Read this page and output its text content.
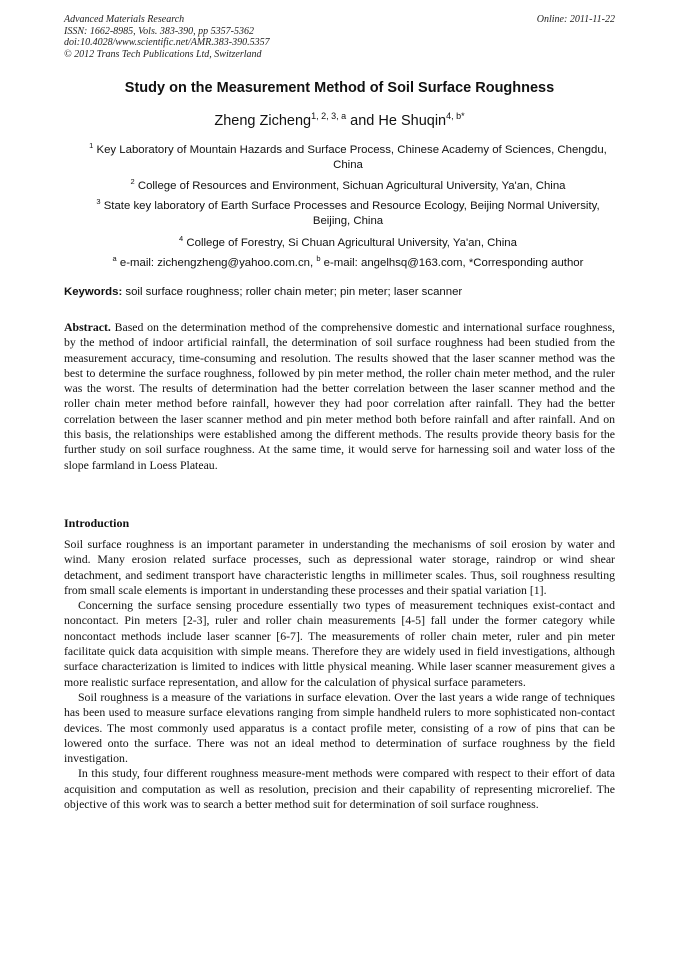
Advanced Materials Research
ISSN: 1662-8985, Vols. 383-390, pp 5357-5362
doi:10.4028/www.scientific.net/AMR.383-390.5357
© 2012 Trans Tech Publications Ltd, Switzerland
Online: 2011-11-22
Study on the Measurement Method of Soil Surface Roughness
Zheng Zicheng$^{1, 2, 3, a}$ and He Shuqin$^{4, b*}$
$^1$ Key Laboratory of Mountain Hazards and Surface Process, Chinese Academy of Sciences, Chengdu, China
$^2$ College of Resources and Environment, Sichuan Agricultural University, Ya'an, China
$^3$ State key laboratory of Earth Surface Processes and Resource Ecology, Beijing Normal University, Beijing, China
$^4$ College of Forestry, Si Chuan Agricultural University, Ya'an, China
$^a$ e-mail: zichengzheng@yahoo.com.cn, $^b$ e-mail: angelhsq@163.com, *Corresponding author
Keywords: soil surface roughness; roller chain meter; pin meter; laser scanner
Abstract. Based on the determination method of the comprehensive domestic and international surface roughness, by the method of indoor artificial rainfall, the determination of soil surface roughness had been studied from the measurement accuracy, time-consuming and resolution. The results showed that the laser scanner method was the best to determine the surface roughness, followed by pin meter method, the roller chain meter method, and the ruler was the worst. The results of determination had the better correlation between the laser scanner method and the roller chain meter method before rainfall, however they had poor correlation after rainfall. They had the better correlation between the laser scanner method and pin meter method both before rainfall and after rainfall. And on this basis, the relationships were established among the different methods. The results provide theory basis for the further study on soil surface roughness. At the same time, it would serve for harnessing soil and water loss of the slope farmland in Loess Plateau.
Introduction

Soil surface roughness is an important parameter in understanding the mechanisms of soil erosion by water and wind. Many erosion related surface processes, such as depressional water storage, raindrop or wind shear detachment, and sediment transport have characteristic lengths in millimeter scales. Thus, soil roughness resulting from small scale elements is important in understanding these processes and their spatial variation [1].

Concerning the surface sensing procedure essentially two types of measurement techniques exist-contact and noncontact. Pin meters [2-3], ruler and roller chain measurements [4-5] fall under the former category while noncontact methods include laser scanner [6-7]. The measurements of roller chain meter, ruler and pin meter facilitate quick data acquisition with simple means. Therefore they are widely used in field investigations, although surface characterization is limited to indices with little physical meaning. While laser scanner measurement gives a more realistic surface representation, and allow for the calculation of physical surface parameters.

Soil roughness is a measure of the variations in surface elevation. Over the last years a wide range of techniques has been used to measure surface elevations ranging from simple handheld rulers to more sophisticated non-contact devices. The most commonly used apparatus is a contact profile meter, consisting of a row of pins that can be lowered onto the surface. There was not an ideal method to determination of surface roughness by the field investigation.

In this study, four different roughness measure-ment methods were compared with respect to their effort of data acquisition and computation as well as resolution, precision and their capability of representing microrelief. The objective of this work was to search a better method suit for determination of soil surface roughness.
